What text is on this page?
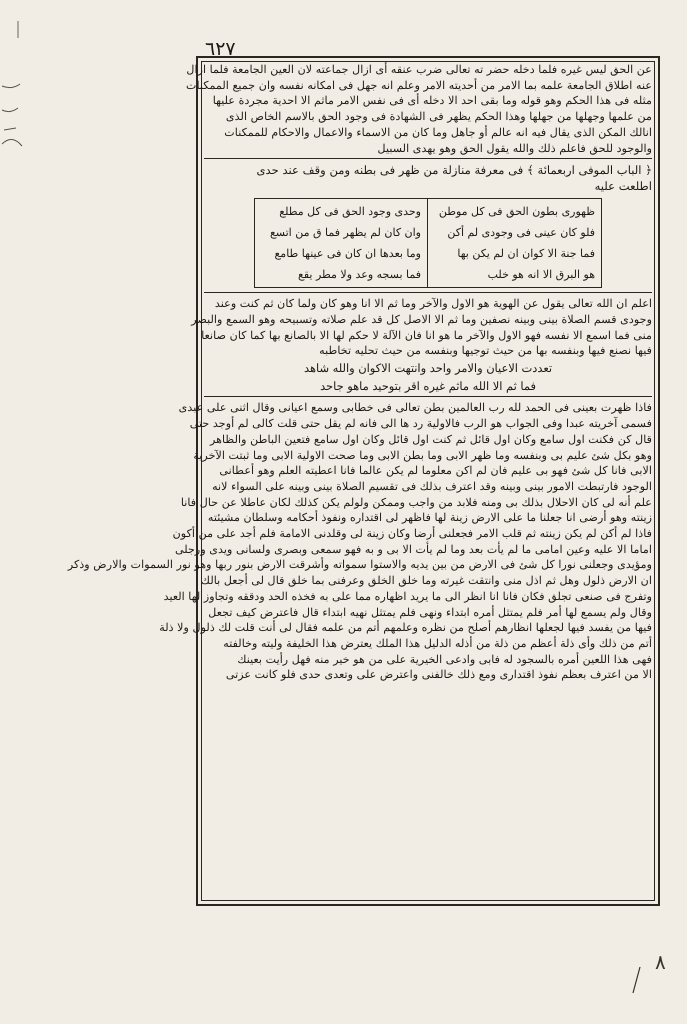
٦٢٧

عن الحق ليس غيره فلما دخله حضر ته تعالى ضرب عنقه أى ازال جماعته لان العين الجامعة فلما ازال

عنه اطلاق الجامعة علمه بما الامر من أحديته الامر وعلم انه جهل فى امكانه نفسه وان جميع الممكنات

مثله فى هذا الحكم وهو قوله وما بقى احد الا دخله أى فى نفس الامر ماثم الا احدية مجردة عليها

من علمها وجهلها من جهلها وهذا الحكم يظهر فى الشهادة فى وجود الحق بالاسم الخاص الذى

انالك المكن الذى يقال فيه انه عالم أو جاهل وما كان من الاسماء والاعمال والاحكام للممكنات

والوجود للحق فاعلم ذلك والله يقول الحق وهو يهدى السبيل

﴿ الباب الموفى اربعمائة ﴾ فى معرفة منازلة من ظهر فى بطنه ومن وقف عند حدى

اطلعت عليه

ظهورى بطون الحق فى كل موطن

فلو كان عينى فى وجودى لم أكن

فما جنة الا كوان ان لم يكن بها

هو البرق الا انه هو خلب

وحدى وجود الحق فى كل مطلع

وان كان لم يظهر فما ق من اتسع

وما بعدها ان كان فى عينها طامع

فما بسجه وعد ولا مطر يقع

اعلم ان الله تعالى يقول عن الهوية هو الاول والآخر وما ثم الا انا وهو كان ولما كان ثم كنت وعند

وجودى قسم الصلاة بينى وبينه نصفين وما ثم الا الاصل كل قد علم صلاته وتسبيحه وهو السمع والبصر

منى فما اسمع الا نفسه فهو الاول والآخر ما هو انا فان الآلة لا حكم لها الا بالصانع بها كما كان صانعا

فيها نصنع فيها وبنفسه بها من حيث توجيها وبنفسه من حيث تحليه تخاطبه

تعددت الاعيان والامر واحد وانتهت الاكوان والله شاهد

فما ثم الا الله ماثم غيره اقر بتوحيد ماهو جاحد

فاذا ظهرت بعينى فى الحمد لله رب العالمين بطن تعالى فى خطابى وسمع اعيانى وقال اثنى على عبدى

فسمى آخريته عبدا وفى الجواب هو الرب فالاولية رد ها الى فانه لم يقل حتى قلت كالى لم أوجد حتى

قال كن فكنت اول سامع وكان اول قائل ثم كنت اول قائل وكان اول سامع فتعين الباطن والظاهر

وهو بكل شئ عليم بى وبنفسه وما ظهر الابى وما بطن الابى وما صحت الاولية الابى وما ثبتت الآخرية

الابى فانا كل شئ فهو بى عليم فان لم اكن معلوما لم يكن عالما فانا اعطيته العلم وهو أعطانى

الوجود فارتبطت الامور بينى وبينه وقد اعترف بذلك فى تقسيم الصلاة بينى وبينه على السواء لانه

علم أنه لى كان الاحلال بذلك بى ومنه فلابد من واجب وممكن ولولم يكن كذلك لكان عاطلا عن حال فانا

زينته وهو أرضى انا جعلنا ما على الارض زينة لها فاظهر لى اقتداره ونفوذ أحكامه وسلطان مشيئته

فاذا لم أكن لم يكن زينته ثم قلب الامر فجعلنى أرضا وكان زينة لى وقلدنى الامامة فلم أجد على من أكون

اماما الا عليه وعين امامى ما لم يأت بعد وما لم يأت الا بى و به فهو سمعى وبصرى ولسانى ويدى ورجلى

ومؤيدى وجعلنى نورا كل شئ فى الارض من بين يديه والاستوا سمواته وأشرقت الارض بنور ربها وهو نور السموات والارض وذكر

ان الارض ذلول وهل ثم اذل منى وانتقت غيرته وما خلق الخلق وعرفنى بما خلق قال لى أجعل بالك

وتفرج فى صنعى تجلق فكان فانا انا انظر الى ما يريد اظهاره مما على به فخذه الحد ودققه وتجاوز لها العيد

وقال ولم يسمع لها أمر فلم يمتثل أمره ابتداء ونهى فلم يمتثل نهيه ابتداء قال فاعترض كيف تجعل

فيها من يفسد فيها لجعلها انظارهم أصلح من نظره وعلمهم أتم من علمه فقال لى أنت قلت لك ذلول ولا ذلة

أتم من ذلك وأى ذلة أعظم من ذلة من أذله الدليل هذا الملك يعترض هذا الخليفة وليته وخالفته

فهى هذا اللعين أمره بالسجود له فابى وادعى الخيرية على من هو خير منه فهل رأيت بعينك

الا من اعترف بعظم نفوذ اقتدارى ومع ذلك خالفنى واعترض على وتعدى حدى فلو كانت عزتى

٨
